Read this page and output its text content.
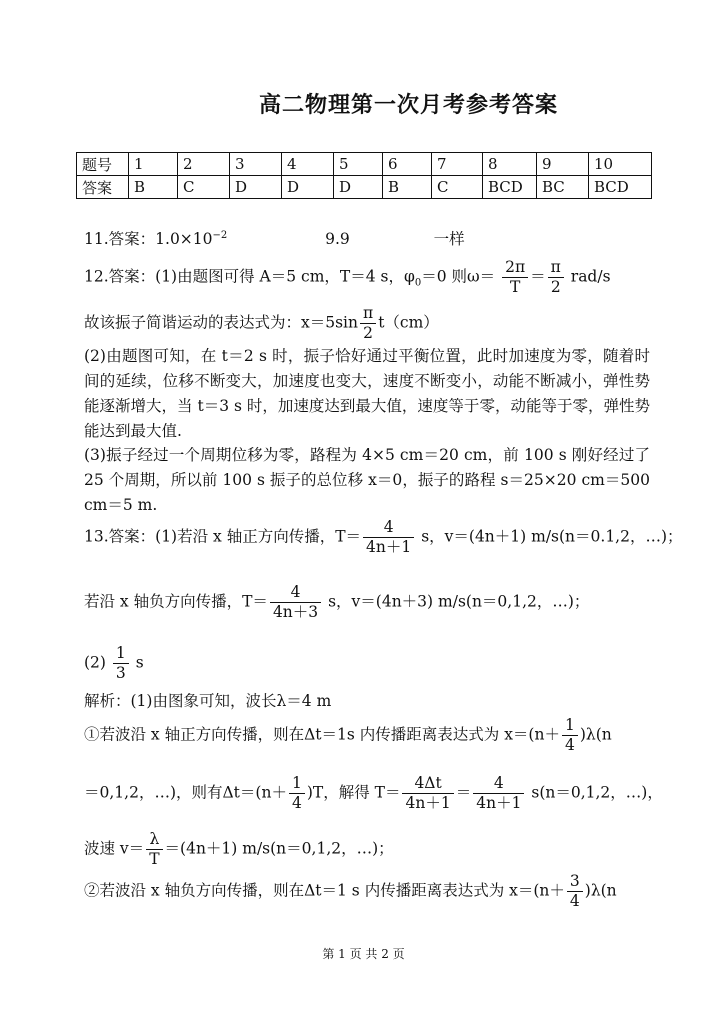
高二物理第一次月考参考答案
题号	1	2	3	4	5	6	7	8	9	10
答案	B	C	D	D	D	B	C	BCD	BC	BCD
11.答案：$1.0\times 10^{-2}$	9.9	一样
12.答案：(1)由题图可得 A＝5 cm，T＝4 s，$\varphi_0=0$ 则$\omega= \frac{2\pi}{T} = \frac{\pi}{2} rad/s$
故该振子简谐运动的表达式为：$x=5\sin \frac{\pi}{2} t(cm)$
(2)由题图可知，在 t＝2 s 时，振子恰好通过平衡位置，此时加速度为零，随着时间的延续，位移不断变大，加速度也变大，速度不断变小，动能不断减小，弹性势能逐渐增大，当 t＝3 s 时，加速度达到最大值，速度等于零，动能等于零，弹性势能达到最大值.
(3)振子经过一个周期位移为零，路程为 4×5 cm＝20 cm，前 100 s 刚好经过了 25 个周期，所以前 100 s 振子的总位移 x＝0，振子的路程 s＝25×20 cm＝500 cm＝5 m.
13.答案：(1)若沿 x 轴正方向传播，$T= \frac{4}{4n+1}$ s，v＝(4n＋1) m/s(n＝0.1,2，…)；
若沿 x 轴负方向传播，$T= \frac{4}{4n+3}$ s，v＝(4n＋3) m/s(n＝0,1,2，…)；
$(2) \frac{1}{3}$ s
解析：(1)由图象可知，波长λ＝4 m
①若波沿 x 轴正方向传播，则在Δt＝1s 内传播距离表达式为 $x=(n+ \frac{1}{4} )\lambda(n$
＝0,1,2，…)，则有$\Delta t=(n+ \frac{1}{4} )T$，解得 $T= \frac{4\Delta t}{4n+1} = \frac{4}{4n+1} s(n=0,1,2$，…)，
波速 $v= \frac{\lambda}{T} =(4n+1)$ m/s(n＝0,1,2，…)；
②若波沿 x 轴负方向传播，则在Δt＝1 s 内传播距离表达式为 $x=(n+ \frac{3}{4} )\lambda(n$
第 1 页 共 2 页
